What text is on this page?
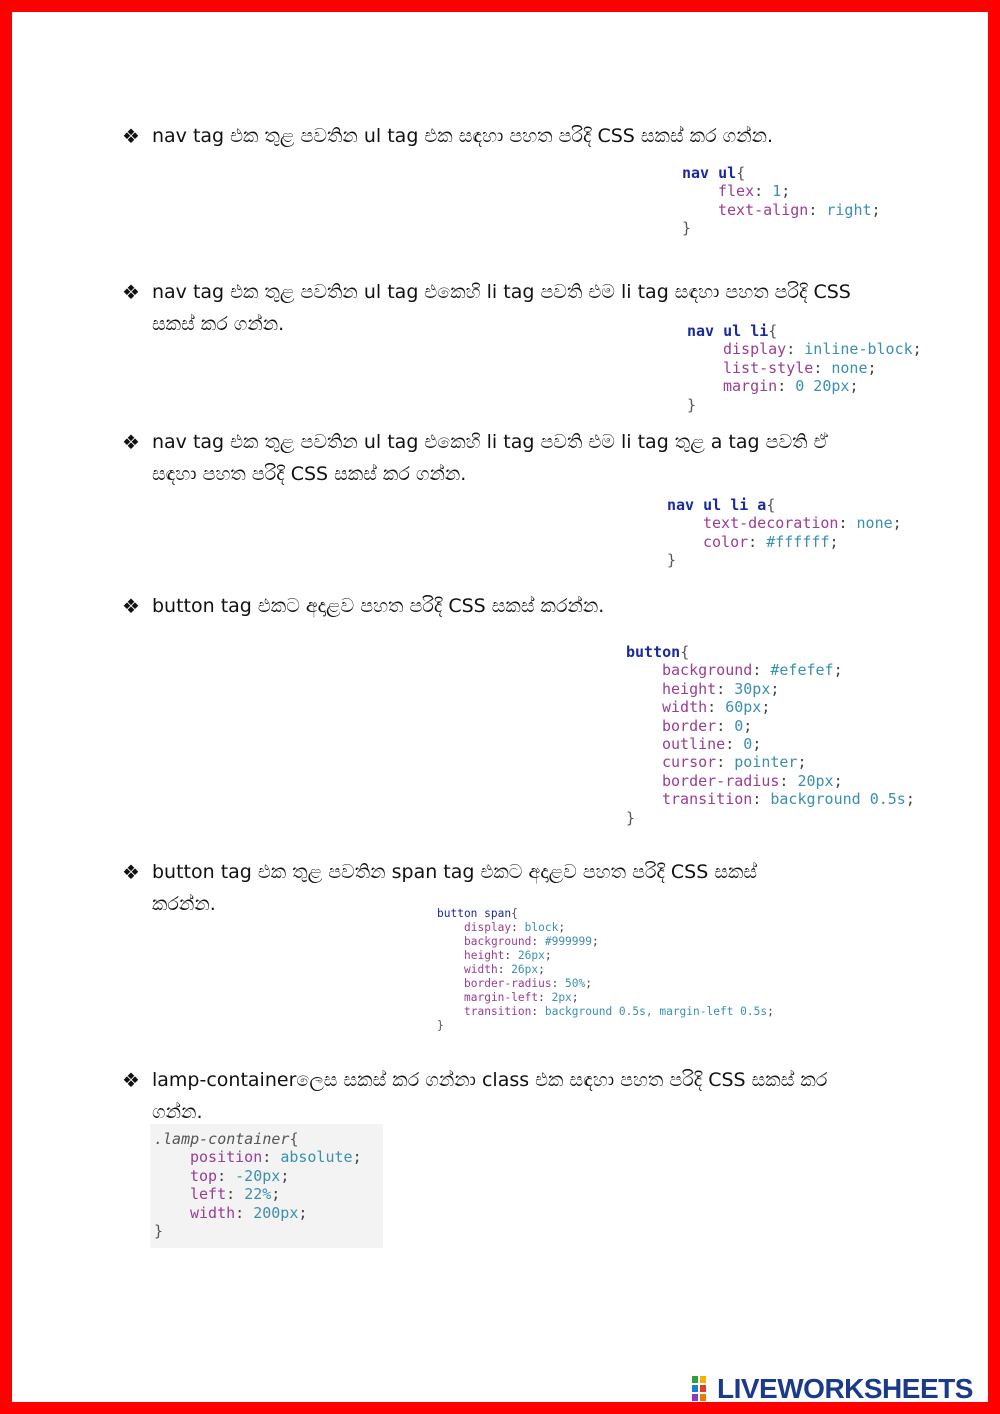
❖ nav tag එක තුළ පවතින ul tag එක සඳහා පහත පරිදි CSS සකස් කර ගන්න.
nav ul{
flex: 1;
text-align: right;
}
❖ nav tag එක තුළ පවතින ul tag එකෙහි li tag පවති එම li tag සඳහා පහත පරිදි CSS සකස් කර ගන්න.	nav ul li{
display: inline-block;
list-style: none;
margin: 0 20px;
}
❖ nav tag එක තුළ පවතින ul tag එකෙහි li tag පවති එම li tag තුළ a tag පවති ඒ සඳහා පහත පරිදි CSS සකස් කර ගන්න.
nav ul li a{
text-decoration: none;
color: #ffffff;
}
❖ button tag එකට අදාළව පහත පරිදි CSS සකස් කරන්න.
button{
background: #efefef;
height: 30px;
width: 60px;
border: 0;
outline: 0;
cursor: pointer;
border-radius: 20px;
transition: background 0.5s;
}
❖ button tag එක තුළ පවතින span tag එකට අදාළව පහත පරිදි CSS සකස් කරන්න.	button span{
display: block;
background: #999999;
height: 26px;
width: 26px;
border-radius: 50%;
margin-left: 2px;
transition: background 0.5s, margin-left 0.5s;
}
❖ lamp-containerලෙස සකස් කර ගන්නා class එක සඳහා පහත පරිදි CSS සකස් කර ගන්න.
.lamp-container{
position: absolute;
top: -20px;
left: 22%;
width: 200px;
}
LIVEWORKSHEETS
